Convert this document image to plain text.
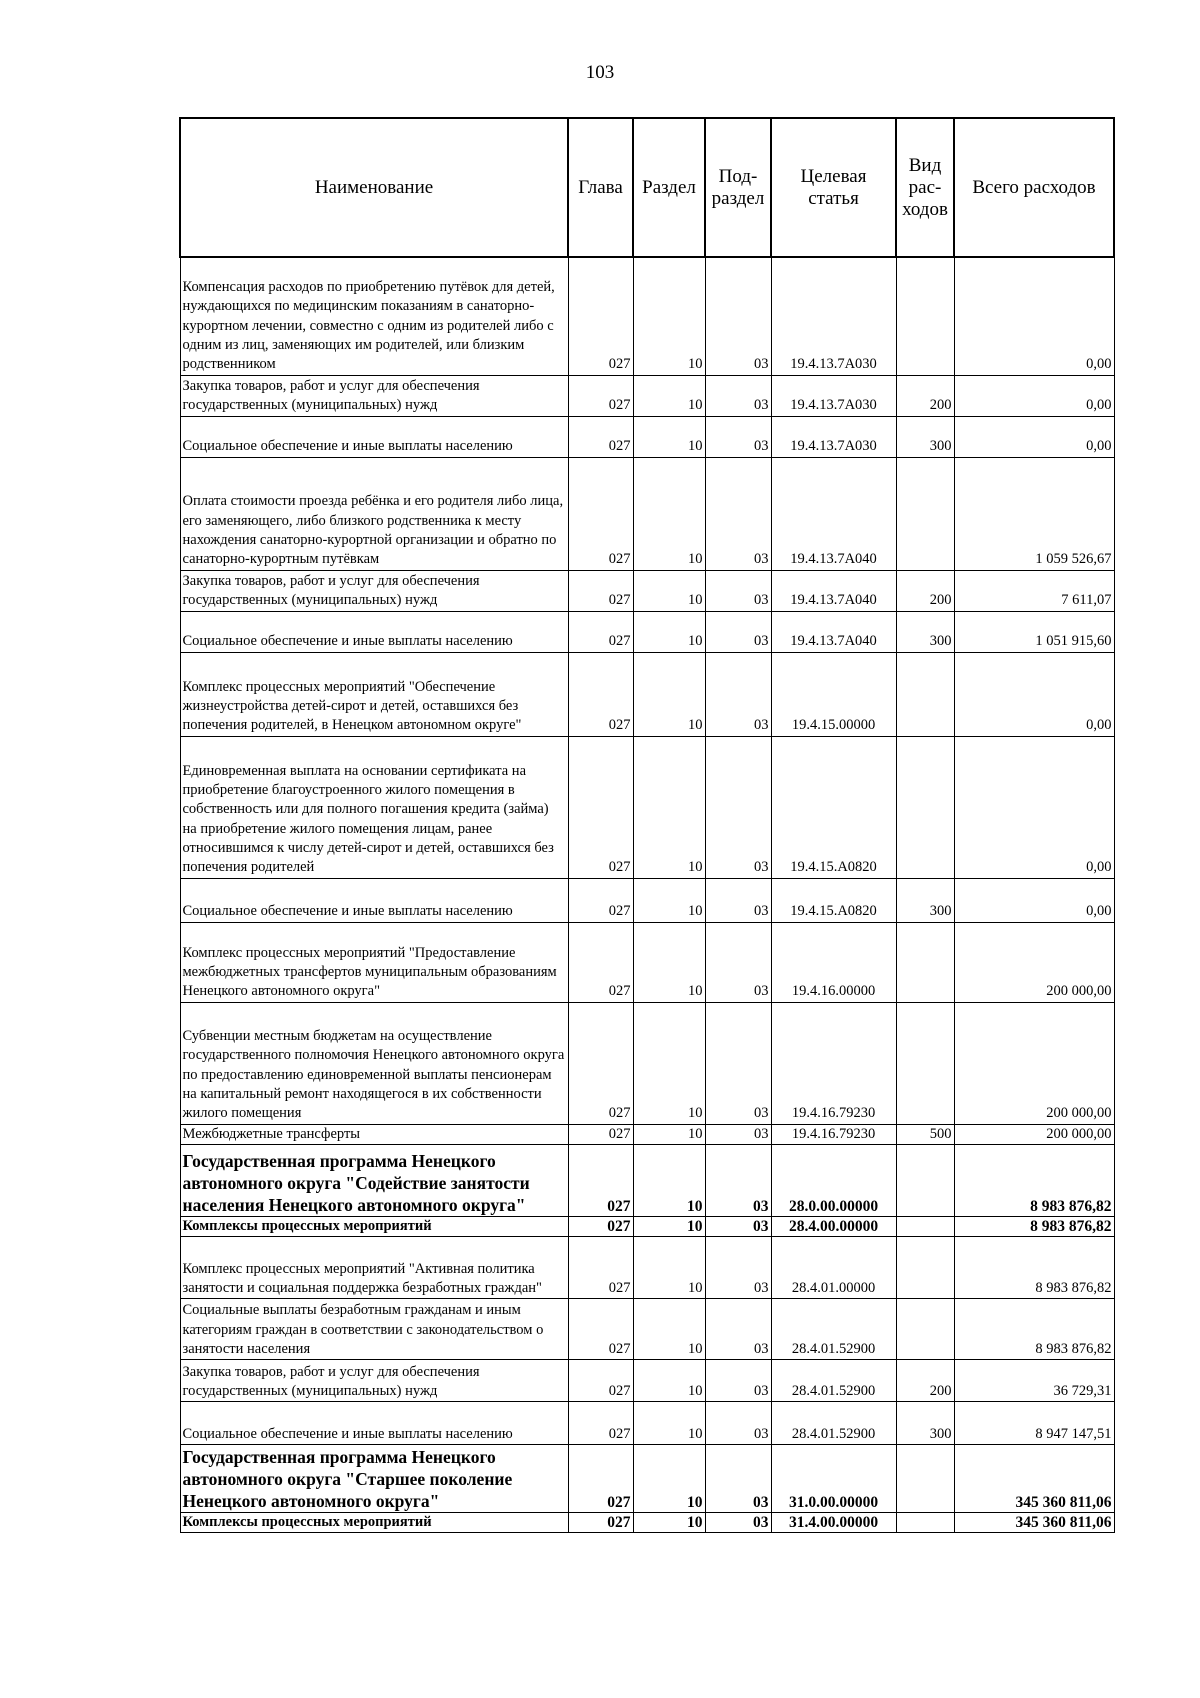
103
Наименование	Глава	Раздел	Под-раздел	Целевая статья	Вид рас-ходов	Всего расходов
Компенсация расходов по приобретению путёвок для детей, нуждающихся по медицинским показаниям в санаторно-курортном лечении, совместно с одним из родителей либо с одним из лиц, заменяющих им родителей, или близким родственником	027	10	03	19.4.13.7А030		0,00
Закупка товаров, работ и услуг для обеспечения государственных (муниципальных) нужд	027	10	03	19.4.13.7А030	200	0,00
Социальное обеспечение и иные выплаты населению	027	10	03	19.4.13.7А030	300	0,00
Оплата стоимости проезда ребёнка и его родителя либо лица, его заменяющего, либо близкого родственника к месту нахождения санаторно-курортной организации и обратно по санаторно-курортным путёвкам	027	10	03	19.4.13.7А040		1 059 526,67
Закупка товаров, работ и услуг для обеспечения государственных (муниципальных) нужд	027	10	03	19.4.13.7А040	200	7 611,07
Социальное обеспечение и иные выплаты населению	027	10	03	19.4.13.7А040	300	1 051 915,60
Комплекс процессных мероприятий "Обеспечение жизнеустройства детей-сирот и детей, оставшихся без попечения родителей, в Ненецком автономном округе"	027	10	03	19.4.15.00000		0,00
Единовременная выплата на основании сертификата на приобретение благоустроенного жилого помещения в собственность или для полного погашения кредита (займа) на приобретение жилого помещения лицам, ранее относившимся к числу детей-сирот и детей, оставшихся без попечения родителей	027	10	03	19.4.15.А0820		0,00
Социальное обеспечение и иные выплаты населению	027	10	03	19.4.15.А0820	300	0,00
Комплекс процессных мероприятий "Предоставление межбюджетных трансфертов муниципальным образованиям Ненецкого автономного округа"	027	10	03	19.4.16.00000		200 000,00
Субвенции местным бюджетам на осуществление государственного полномочия Ненецкого автономного округа по предоставлению единовременной выплаты пенсионерам на капитальный ремонт находящегося в их собственности жилого помещения	027	10	03	19.4.16.79230		200 000,00
Межбюджетные трансферты	027	10	03	19.4.16.79230	500	200 000,00
Государственная программа Ненецкого автономного округа "Содействие занятости населения Ненецкого автономного округа"	027	10	03	28.0.00.00000		8 983 876,82
Комплексы процессных мероприятий	027	10	03	28.4.00.00000		8 983 876,82
Комплекс процессных мероприятий "Активная политика занятости и социальная поддержка безработных граждан"	027	10	03	28.4.01.00000		8 983 876,82
Социальные выплаты безработным гражданам и иным категориям граждан в соответствии с законодательством о занятости населения	027	10	03	28.4.01.52900		8 983 876,82
Закупка товаров, работ и услуг для обеспечения государственных (муниципальных) нужд	027	10	03	28.4.01.52900	200	36 729,31
Социальное обеспечение и иные выплаты населению	027	10	03	28.4.01.52900	300	8 947 147,51
Государственная программа Ненецкого автономного округа "Старшее поколение Ненецкого автономного округа"	027	10	03	31.0.00.00000		345 360 811,06
Комплексы процессных мероприятий	027	10	03	31.4.00.00000		345 360 811,06
